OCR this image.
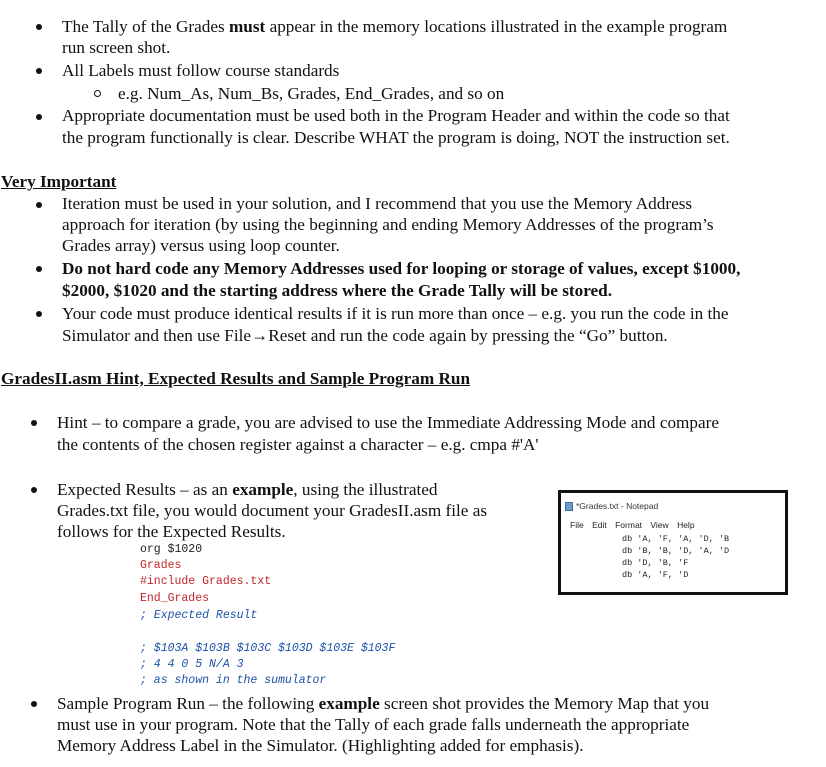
The Tally of the Grades must appear in the memory locations illustrated in the example program
run screen shot.
All Labels must follow course standards
e.g. Num_As, Num_Bs, Grades, End_Grades, and so on
Appropriate documentation must be used both in the Program Header and within the code so that
the program functionally is clear. Describe WHAT the program is doing, NOT the instruction set.
Very Important
Iteration must be used in your solution, and I recommend that you use the Memory Address
approach for iteration (by using the beginning and ending Memory Addresses of the program’s
Grades array) versus using loop counter.
Do not hard code any Memory Addresses used for looping or storage of values, except $1000,
$2000, $1020 and the starting address where the Grade Tally will be stored.
Your code must produce identical results if it is run more than once – e.g. you run the code in the
Simulator and then use File→Reset and run the code again by pressing the “Go” button.
GradesII.asm Hint, Expected Results and Sample Program Run
Hint – to compare a grade, you are advised to use the Immediate Addressing Mode and compare
the contents of the chosen register against a character – e.g. cmpa #'A'
Expected Results – as an example, using the illustrated
Grades.txt file, you would document your GradesII.asm file as
follows for the Expected Results.
org $1020
Grades
#include Grades.txt
End_Grades
; Expected Result
; $103A $103B $103C $103D $103E $103F
; 4 4 0 5 N/A 3
; as shown in the sumulator
*Grades.txt - Notepad
File Edit Format View Help
db 'A, 'F, 'A, 'D, 'B
db 'B, 'B, 'D, 'A, 'D
db 'D, 'B, 'F
db 'A, 'F, 'D
Sample Program Run – the following example screen shot provides the Memory Map that you
must use in your program. Note that the Tally of each grade falls underneath the appropriate
Memory Address Label in the Simulator. (Highlighting added for emphasis).
